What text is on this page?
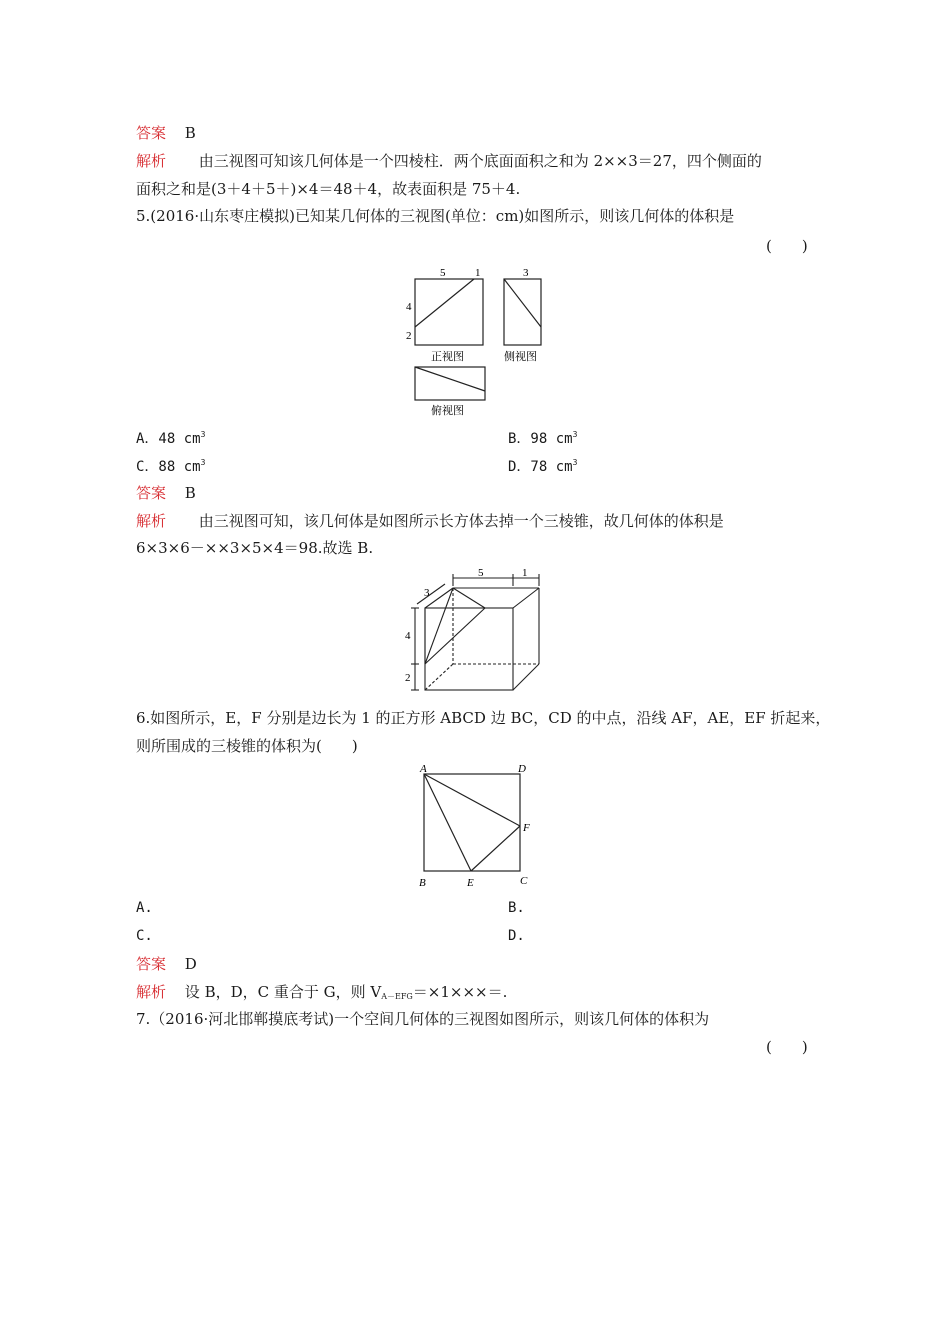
答案 B
解析 由三视图可知该几何体是一个四棱柱．两个底面面积之和为 2××3＝27，四个侧面的
面积之和是(3＋4＋5＋)×4＝48＋4，故表面积是 75＋4.
5.(2016·山东枣庄模拟)已知某几何体的三视图(单位：cm)如图所示，则该几何体的体积是
(　　)
5	1	3
4
2
正视图	侧视图
俯视图
A．48 $cm^3$	B．98 $cm^3$
C．88 $cm^3$	D．78 $cm^3$
答案 B
解析 由三视图可知，该几何体是如图所示长方体去掉一个三棱锥，故几何体的体积是
6×3×6－××3×5×4＝98.故选 B.
5	1
3
4
2
6.如图所示，E，F 分别是边长为 1 的正方形 ABCD 边 BC，CD 的中点，沿线 AF，AE，EF 折起来，
则所围成的三棱锥的体积为(　　)
A	D
F
B	E	C
A.	B.
C.	D.
答案 D
解析 设 B，D，C 重合于 G，则 $V_{A-EFG}=\times 1\times\times\times=$.
7.（2016·河北邯郸摸底考试)一个空间几何体的三视图如图所示，则该几何体的体积为
(　　)
